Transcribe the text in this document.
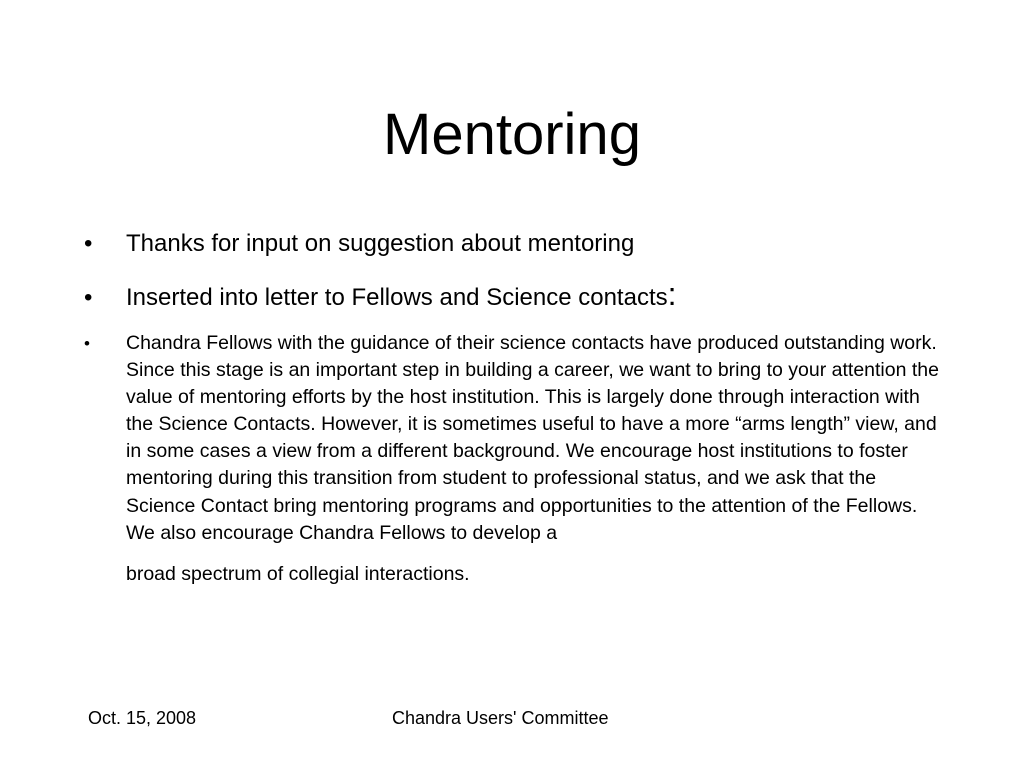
Mentoring
• Thanks for input on suggestion about mentoring
• Inserted into letter to Fellows and Science contacts:
• Chandra Fellows with the guidance of their science contacts have produced outstanding work. Since this stage is an important step in building a career, we want to bring to your attention the value of mentoring efforts by the host institution. This is largely done through interaction with the Science Contacts. However, it is sometimes useful to have a more “arms length” view, and in some cases a view from a different background. We encourage host institutions to foster mentoring during this transition from student to professional status, and we ask that the Science Contact bring mentoring programs and opportunities to the attention of the Fellows. We also encourage Chandra Fellows to develop a
broad spectrum of collegial interactions.
Oct. 15, 2008	Chandra Users' Committee
